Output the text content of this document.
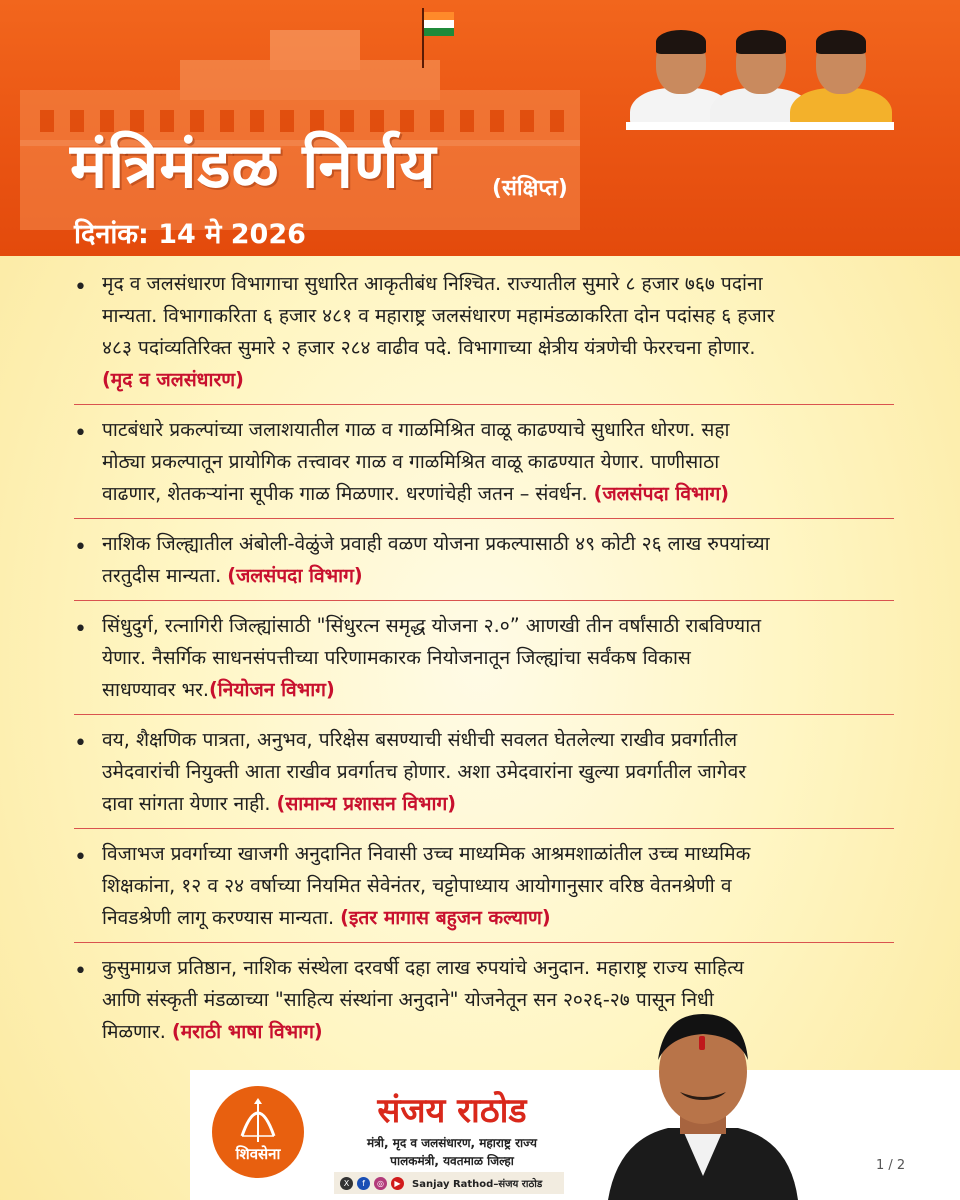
मंत्रिमंडळ निर्णय	(संक्षिप्त)
दिनांक: 14 मे 2026
• मृद व जलसंधारण विभागाचा सुधारित आकृतीबंध निश्चित. राज्यातील सुमारे ८ हजार ७६७ पदांना

मान्यता. विभागाकरिता ६ हजार ४८१ व महाराष्ट्र जलसंधारण महामंडळाकरिता दोन पदांसह ६ हजार

४८३ पदांव्यतिरिक्त सुमारे २ हजार २८४ वाढीव पदे. विभागाच्या क्षेत्रीय यंत्रणेची फेररचना होणार.

(मृद व जलसंधारण)

• पाटबंधारे प्रकल्पांच्या जलाशयातील गाळ व गाळमिश्रित वाळू काढण्याचे सुधारित धोरण. सहा

मोठ्या प्रकल्पातून प्रायोगिक तत्त्वावर गाळ व गाळमिश्रित वाळू काढण्यात येणार. पाणीसाठा

वाढणार, शेतकऱ्यांना सूपीक गाळ मिळणार. धरणांचेही जतन – संवर्धन. (जलसंपदा विभाग)

• नाशिक जिल्ह्यातील अंबोली-वेळुंजे प्रवाही वळण योजना प्रकल्पासाठी ४९ कोटी २६ लाख रुपयांच्या

तरतुदीस मान्यता. (जलसंपदा विभाग)

• सिंधुदुर्ग, रत्नागिरी जिल्ह्यांसाठी "सिंधुरत्न समृद्ध योजना २.०” आणखी तीन वर्षांसाठी राबविण्यात

येणार. नैसर्गिक साधनसंपत्तीच्या परिणामकारक नियोजनातून जिल्ह्यांचा सर्वंकष विकास

साधण्यावर भर.(नियोजन विभाग)

• वय, शैक्षणिक पात्रता, अनुभव, परिक्षेस बसण्याची संधीची सवलत घेतलेल्या राखीव प्रवर्गातील

उमेदवारांची नियुक्ती आता राखीव प्रवर्गातच होणार. अशा उमेदवारांना खुल्या प्रवर्गातील जागेवर

दावा सांगता येणार नाही. (सामान्य प्रशासन विभाग)

• विजाभज प्रवर्गाच्या खाजगी अनुदानित निवासी उच्च माध्यमिक आश्रमशाळांतील उच्च माध्यमिक

शिक्षकांना, १२ व २४ वर्षाच्या नियमित सेवेनंतर, चट्टोपाध्याय आयोगानुसार वरिष्ठ वेतनश्रेणी व

निवडश्रेणी लागू करण्यास मान्यता. (इतर मागास बहुजन कल्याण)

• कुसुमाग्रज प्रतिष्ठान, नाशिक संस्थेला दरवर्षी दहा लाख रुपयांचे अनुदान. महाराष्ट्र राज्य साहित्य

आणि संस्कृती मंडळाच्या "साहित्य संस्थांना अनुदाने" योजनेतून सन २०२६-२७ पासून निधी

मिळणार. (मराठी भाषा विभाग)

शिवसेना
संजय राठोड
मंत्री, मृद व जलसंधारण, महाराष्ट्र राज्य
पालकमंत्री, यवतमाळ जिल्हा
X	f	◎	▶	Sanjay Rathod–संजय राठोड
1 / 2
